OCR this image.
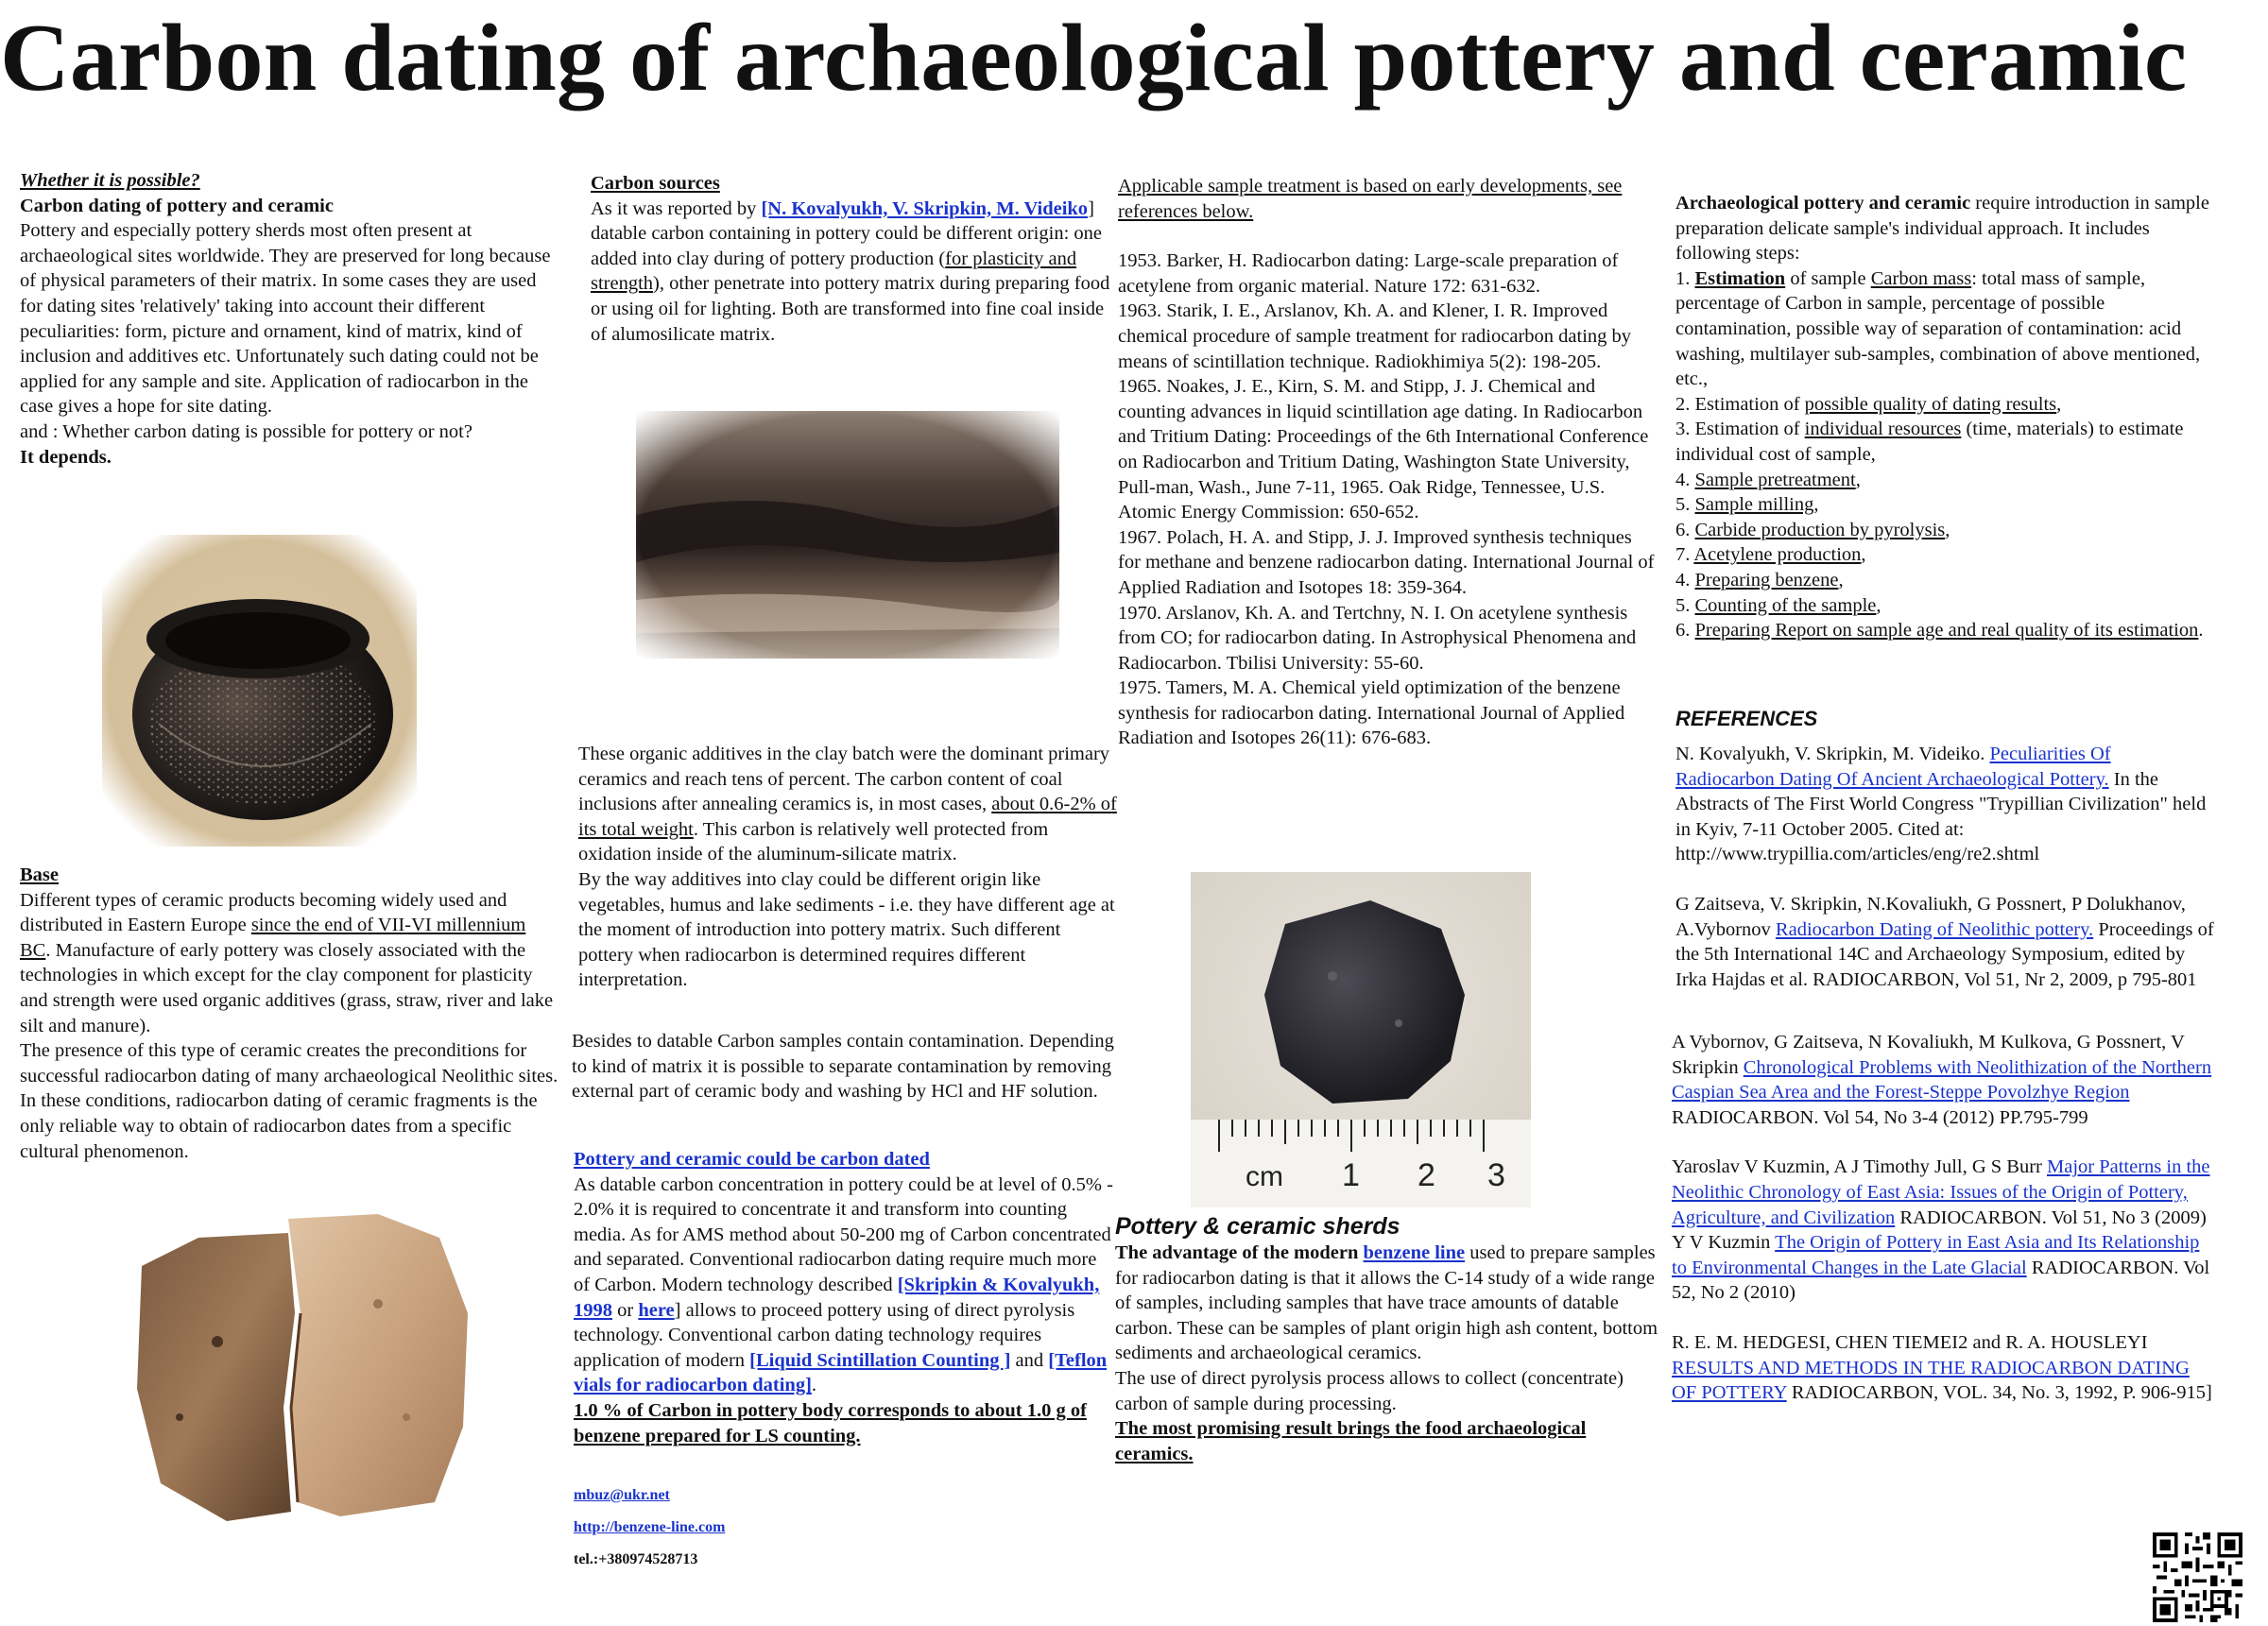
Carbon dating of archaeological pottery and ceramic

Whether it is possible?

Carbon dating of pottery and ceramic

Pottery and especially pottery sherds most often present at archaeological sites worldwide. They are preserved for long because of physical parameters of their matrix. In some cases they are used for dating sites 'relatively' taking into account their different peculiarities: form, picture and ornament, kind of matrix, kind of inclusion and additives etc. Unfortunately such dating could not be applied for any sample and site. Application of radiocarbon in the case gives a hope for site dating.

and : Whether carbon dating is possible for pottery or not?

It depends.

Base

Different types of ceramic products becoming widely used and distributed in Eastern Europe since the end of VII-VI millennium BC. Manufacture of early pottery was closely associated with the technologies in which except for the clay component for plasticity and strength were used organic additives (grass, straw, river and lake silt and manure).

The presence of this type of ceramic creates the preconditions for successful radiocarbon dating of many archaeological Neolithic sites. In these conditions, radiocarbon dating of ceramic fragments is the only reliable way to obtain of radiocarbon dates from a specific cultural phenomenon.

Carbon sources

As it was reported by [N. Kovalyukh, V. Skripkin, M. Videiko] datable carbon containing in pottery could be different origin: one added into clay during of pottery production (for plasticity and strength), other penetrate into pottery matrix during preparing food or using oil for lighting. Both are transformed into fine coal inside of alumosilicate matrix.

These organic additives in the clay batch were the dominant primary ceramics and reach tens of percent. The carbon content of coal inclusions after annealing ceramics is, in most cases, about 0.6-2% of its total weight. This carbon is relatively well protected from oxidation inside of the aluminum-silicate matrix.

By the way additives into clay could be different origin like vegetables, humus and lake sediments - i.e. they have different age at the moment of introduction into pottery matrix. Such different pottery when radiocarbon is determined requires different interpretation.

Besides to datable Carbon samples contain contamination. Depending to kind of matrix it is possible to separate contamination by removing external part of ceramic body and washing by HCl and HF solution.

Pottery and ceramic could be carbon dated

As datable carbon concentration in pottery could be at level of 0.5% - 2.0% it is required to concentrate it and transform into counting media. As for AMS method about 50-200 mg of Carbon concentrated and separated. Conventional radiocarbon dating require much more of Carbon. Modern technology described [Skripkin & Kovalyukh, 1998 or here] allows to proceed pottery using of direct pyrolysis technology. Conventional carbon dating technology requires application of modern [Liquid Scintillation Counting ] and [Teflon vials for radiocarbon dating].

1.0 % of Carbon in pottery body corresponds to about 1.0 g of benzene prepared for LS counting.

mbuz@ukr.net
http://benzene-line.com
tel.:+380974528713

Applicable sample treatment is based on early developments, see references below.

1953. Barker, H. Radiocarbon dating: Large-scale preparation of acetylene from organic material. Nature 172: 631-632.

1963. Starik, I. E., Arslanov, Kh. A. and Klener, I. R. Improved chemical procedure of sample treatment for radiocarbon dating by means of scintillation technique. Radiokhimiya 5(2): 198-205.

1965. Noakes, J. E., Kirn, S. M. and Stipp, J. J. Chemical and counting advances in liquid scintillation age dating. In Radiocarbon and Tritium Dating: Proceedings of the 6th International Conference on Radiocarbon and Tritium Dating, Washington State University, Pull-man, Wash., June 7-11, 1965. Oak Ridge, Tennessee, U.S. Atomic Energy Commission: 650-652.

1967. Polach, H. A. and Stipp, J. J. Improved synthesis techniques for methane and benzene radiocarbon dating. International Journal of Applied Radiation and Isotopes 18: 359-364.

1970. Arslanov, Kh. A. and Tertchny, N. I. On acetylene synthesis from CO; for radiocarbon dating. In Astrophysical Phenomena and Radiocarbon. Tbilisi University: 55-60.

1975. Tamers, M. A. Chemical yield optimization of the benzene synthesis for radiocarbon dating. International Journal of Applied Radiation and Isotopes 26(11): 676-683.

cm 1 2 3

Pottery & ceramic sherds

The advantage of the modern benzene line used to prepare samples for radiocarbon dating is that it allows the C-14 study of a wide range of samples, including samples that have trace amounts of datable carbon. These can be samples of plant origin high ash content, bottom sediments and archaeological ceramics.

The use of direct pyrolysis process allows to collect (concentrate) carbon of sample during processing.

The most promising result brings the food archaeological ceramics.

Archaeological pottery and ceramic require introduction in sample preparation delicate sample's individual approach. It includes following steps:

1. Estimation of sample Carbon mass: total mass of sample, percentage of Carbon in sample, percentage of possible contamination, possible way of separation of contamination: acid washing, multilayer sub-samples, combination of above mentioned, etc.,

2. Estimation of possible quality of dating results,

3. Estimation of individual resources (time, materials) to estimate individual cost of sample,

4. Sample pretreatment,

5. Sample milling,

6. Carbide production by pyrolysis,

7. Acetylene production,

4. Preparing benzene,

5. Counting of the sample,

6. Preparing Report on sample age and real quality of its estimation.

REFERENCES

N. Kovalyukh, V. Skripkin, M. Videiko. Peculiarities Of Radiocarbon Dating Of Ancient Archaeological Pottery. In the Abstracts of The First World Congress "Trypillian Civilization" held in Kyiv, 7-11 October 2005. Cited at: http://www.trypillia.com/articles/eng/re2.shtml

G Zaitseva, V. Skripkin, N.Kovaliukh, G Possnert, P Dolukhanov, A.Vybornov Radiocarbon Dating of Neolithic pottery. Proceedings of the 5th International 14C and Archaeology Symposium, edited by Irka Hajdas et al. RADIOCARBON, Vol 51, Nr 2, 2009, p 795-801

A Vybornov, G Zaitseva, N Kovaliukh, M Kulkova, G Possnert, V Skripkin Chronological Problems with Neolithization of the Northern Caspian Sea Area and the Forest-Steppe Povolzhye Region RADIOCARBON. Vol 54, No 3-4 (2012) PP.795-799

Yaroslav V Kuzmin, A J Timothy Jull, G S Burr Major Patterns in the Neolithic Chronology of East Asia: Issues of the Origin of Pottery, Agriculture, and Civilization RADIOCARBON. Vol 51, No 3 (2009)

Y V Kuzmin The Origin of Pottery in East Asia and Its Relationship to Environmental Changes in the Late Glacial RADIOCARBON. Vol 52, No 2 (2010)

R. E. M. HEDGESI, CHEN TIEMEI2 and R. A. HOUSLEYI RESULTS AND METHODS IN THE RADIOCARBON DATING OF POTTERY RADIOCARBON, VOL. 34, No. 3, 1992, P. 906-915]
